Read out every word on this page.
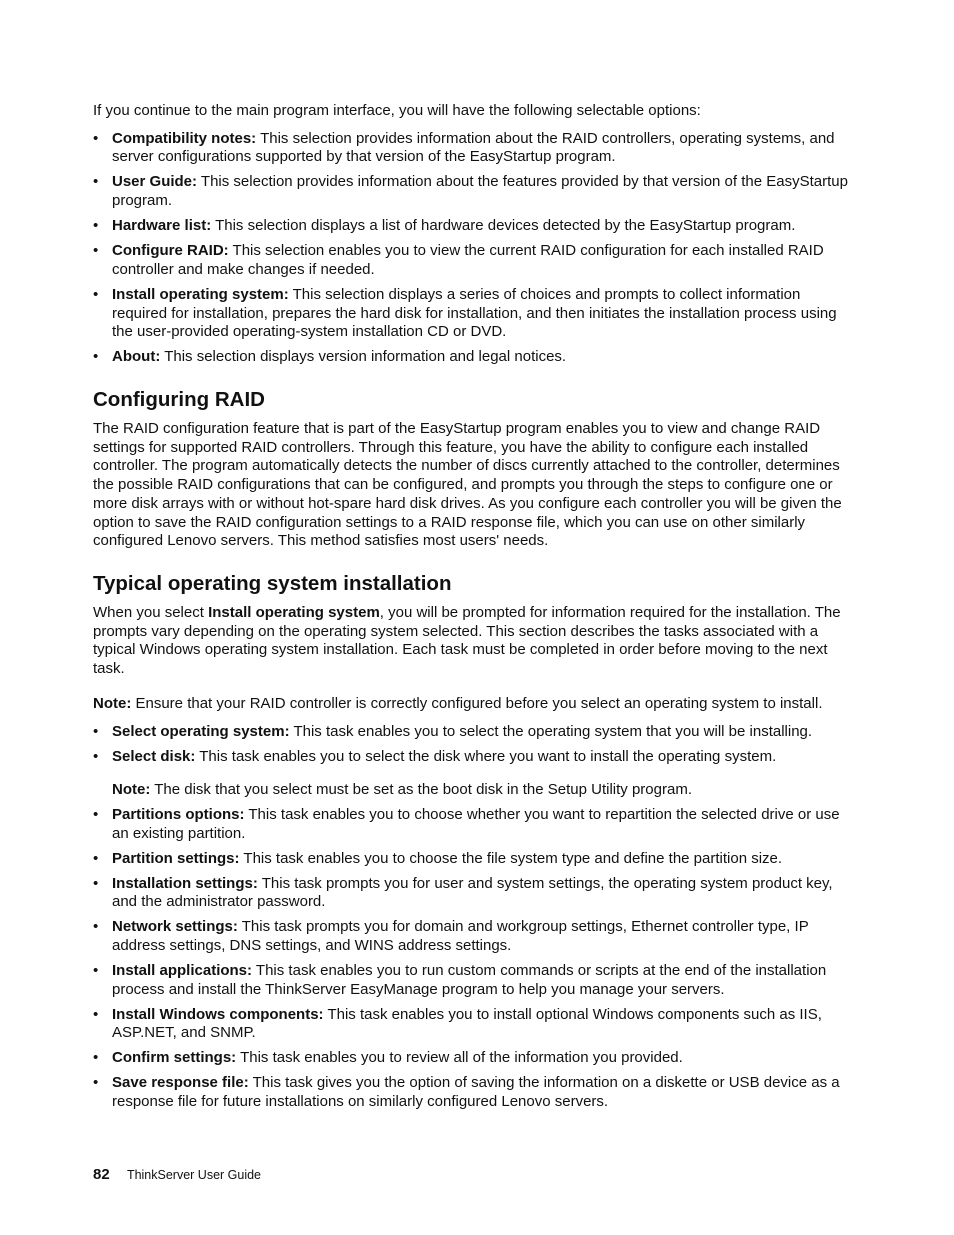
If you continue to the main program interface, you will have the following selectable options:

• Compatibility notes: This selection provides information about the RAID controllers, operating systems, and server configurations supported by that version of the EasyStartup program.
• User Guide: This selection provides information about the features provided by that version of the EasyStartup program.
• Hardware list: This selection displays a list of hardware devices detected by the EasyStartup program.
• Configure RAID: This selection enables you to view the current RAID configuration for each installed RAID controller and make changes if needed.
• Install operating system: This selection displays a series of choices and prompts to collect information required for installation, prepares the hard disk for installation, and then initiates the installation process using the user-provided operating-system installation CD or DVD.
• About: This selection displays version information and legal notices.
Configuring RAID

The RAID configuration feature that is part of the EasyStartup program enables you to view and change RAID settings for supported RAID controllers. Through this feature, you have the ability to configure each installed controller. The program automatically detects the number of discs currently attached to the controller, determines the possible RAID configurations that can be configured, and prompts you through the steps to configure one or more disk arrays with or without hot-spare hard disk drives. As you configure each controller you will be given the option to save the RAID configuration settings to a RAID response file, which you can use on other similarly configured Lenovo servers. This method satisfies most users' needs.

Typical operating system installation

When you select Install operating system, you will be prompted for information required for the installation. The prompts vary depending on the operating system selected. This section describes the tasks associated with a typical Windows operating system installation. Each task must be completed in order before moving to the next task.

Note: Ensure that your RAID controller is correctly configured before you select an operating system to install.

• Select operating system: This task enables you to select the operating system that you will be installing.
• Select disk: This task enables you to select the disk where you want to install the operating system.

Note: The disk that you select must be set as the boot disk in the Setup Utility program.

• Partitions options: This task enables you to choose whether you want to repartition the selected drive or use an existing partition.
• Partition settings: This task enables you to choose the file system type and define the partition size.
• Installation settings: This task prompts you for user and system settings, the operating system product key, and the administrator password.
• Network settings: This task prompts you for domain and workgroup settings, Ethernet controller type, IP address settings, DNS settings, and WINS address settings.
• Install applications: This task enables you to run custom commands or scripts at the end of the installation process and install the ThinkServer EasyManage program to help you manage your servers.
• Install Windows components: This task enables you to install optional Windows components such as IIS, ASP.NET, and SNMP.
• Confirm settings: This task enables you to review all of the information you provided.
• Save response file: This task gives you the option of saving the information on a diskette or USB device as a response file for future installations on similarly configured Lenovo servers.
82 ThinkServer User Guide
